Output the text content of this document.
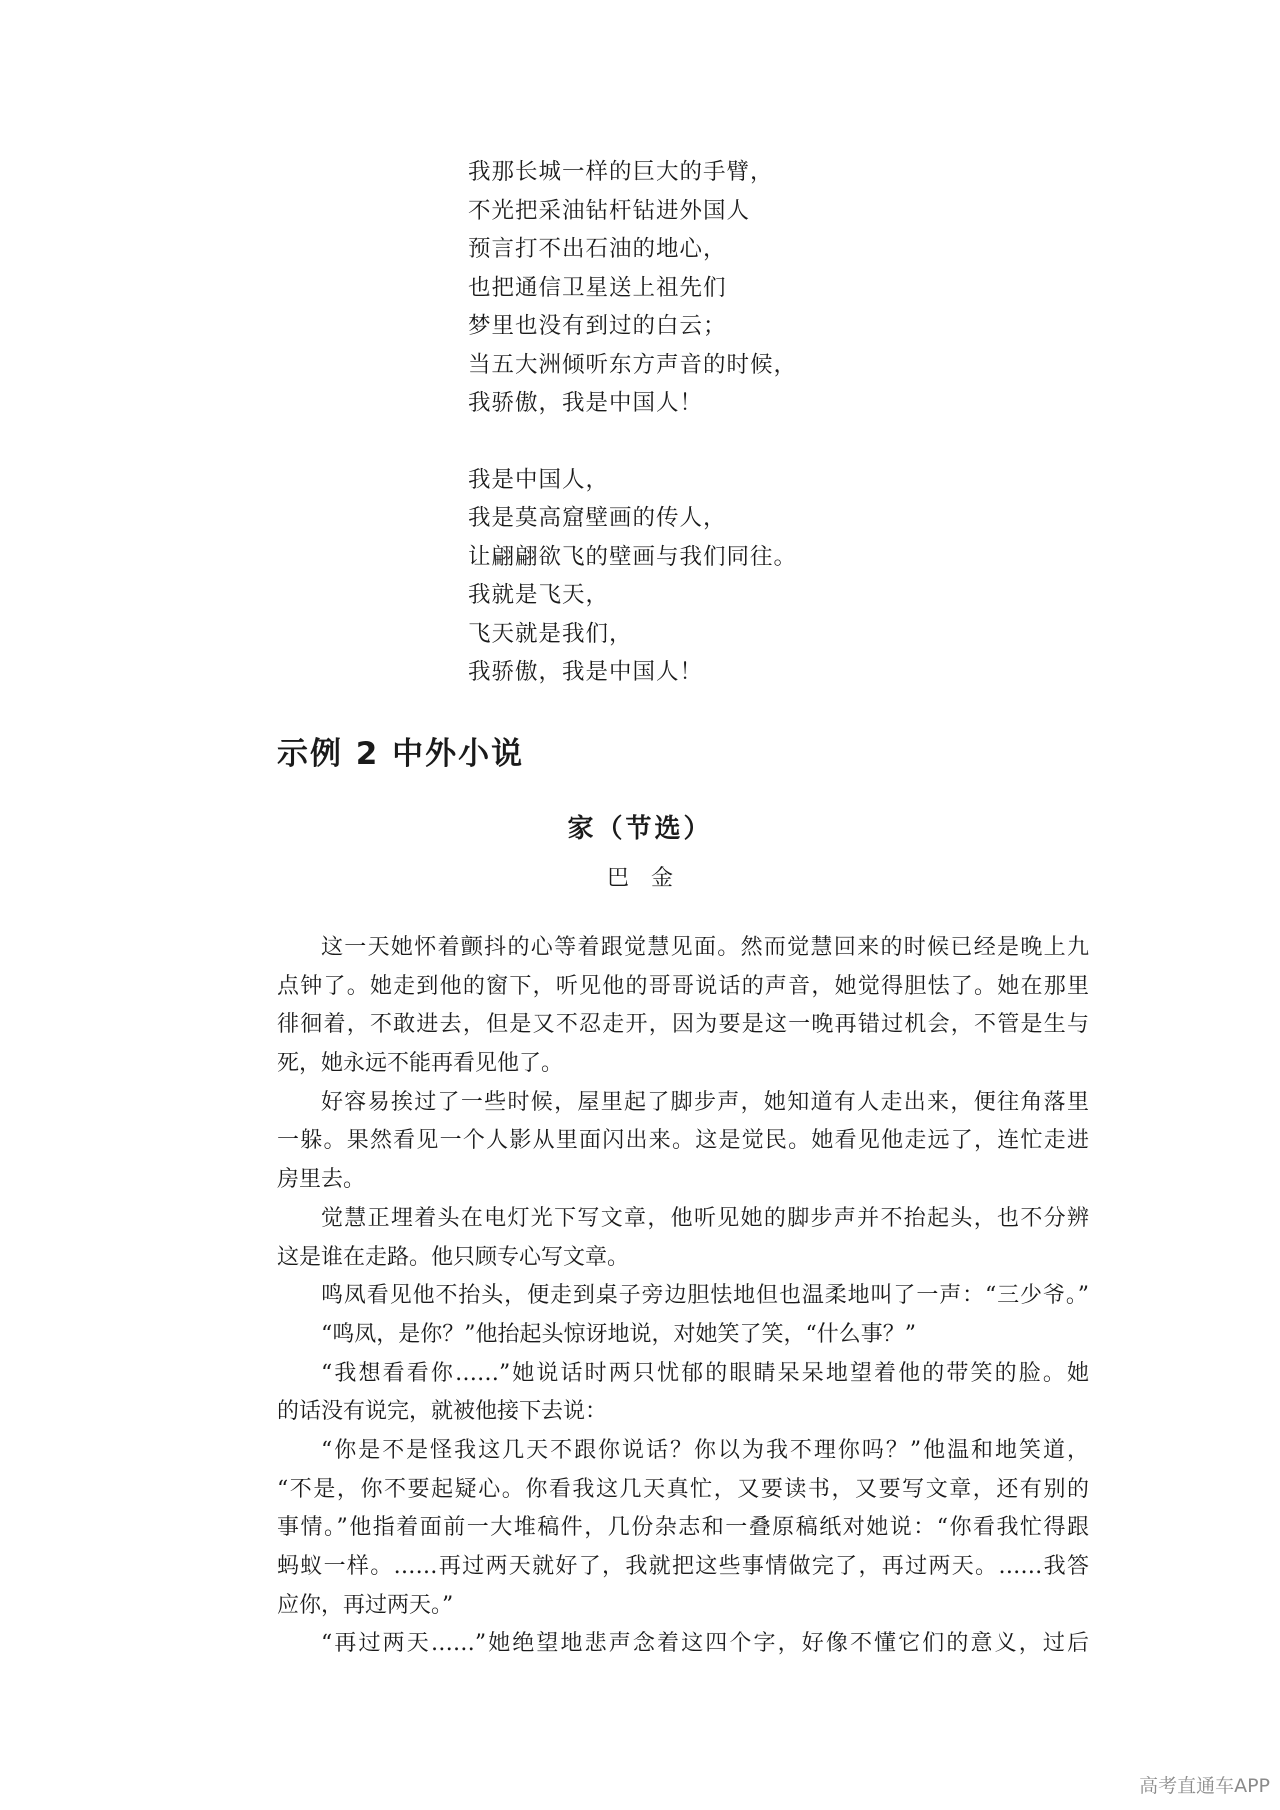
我那长城一样的巨大的手臂，
不光把采油钻杆钻进外国人
预言打不出石油的地心，
也把通信卫星送上祖先们
梦里也没有到过的白云；
当五大洲倾听东方声音的时候，
我骄傲，我是中国人！
我是中国人，
我是莫高窟壁画的传人，
让翩翩欲飞的壁画与我们同往。
我就是飞天，
飞天就是我们，
我骄傲，我是中国人！
示例 2 中外小说
家（节选）
巴金
这一天她怀着颤抖的心等着跟觉慧见面。然而觉慧回来的时候已经是晚上九
点钟了。她走到他的窗下，听见他的哥哥说话的声音，她觉得胆怯了。她在那里
徘徊着，不敢进去，但是又不忍走开，因为要是这一晚再错过机会，不管是生与
死，她永远不能再看见他了。
好容易挨过了一些时候，屋里起了脚步声，她知道有人走出来，便往角落里
一躲。果然看见一个人影从里面闪出来。这是觉民。她看见他走远了，连忙走进
房里去。
觉慧正埋着头在电灯光下写文章，他听见她的脚步声并不抬起头，也不分辨
这是谁在走路。他只顾专心写文章。
鸣凤看见他不抬头，便走到桌子旁边胆怯地但也温柔地叫了一声：“三少爷。”
“鸣凤，是你？”他抬起头惊讶地说，对她笑了笑，“什么事？”
“我想看看你……”她说话时两只忧郁的眼睛呆呆地望着他的带笑的脸。她
的话没有说完，就被他接下去说：
“你是不是怪我这几天不跟你说话？你以为我不理你吗？”他温和地笑道，
“不是，你不要起疑心。你看我这几天真忙，又要读书，又要写文章，还有别的
事情。”他指着面前一大堆稿件，几份杂志和一叠原稿纸对她说：“你看我忙得跟
蚂蚁一样。……再过两天就好了，我就把这些事情做完了，再过两天。……我答
应你，再过两天。”
“再过两天……”她绝望地悲声念着这四个字，好像不懂它们的意义，过后
高考直通车APP
